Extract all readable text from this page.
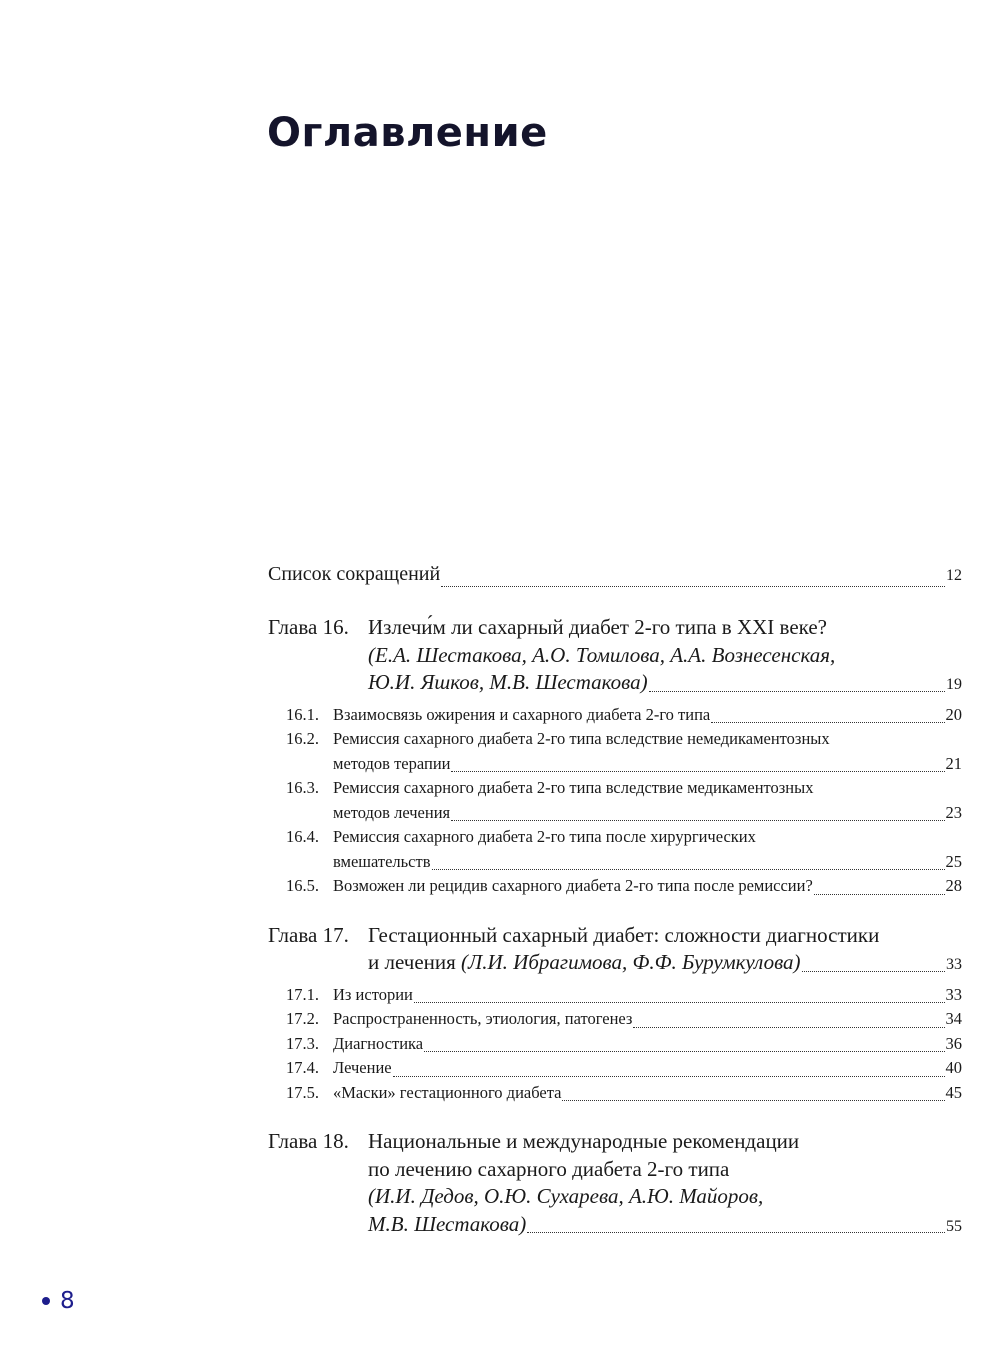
Оглавление
Список сокращений	12
Глава 16. Излечи́м ли сахарный диабет 2-го типа в XXI веке?
(Е.А. Шестакова, А.О. Томилова, А.А. Вознесенская,
Ю.И. Яшков, М.В. Шестакова)	19
16.1. Взаимосвязь ожирения и сахарного диабета 2-го типа	20
16.2. Ремиссия сахарного диабета 2-го типа вследствие немедикаментозных
методов терапии	21
16.3. Ремиссия сахарного диабета 2-го типа вследствие медикаментозных
методов лечения	23
16.4. Ремиссия сахарного диабета 2-го типа после хирургических
вмешательств	25
16.5. Возможен ли рецидив сахарного диабета 2-го типа после ремиссии?	28
Глава 17. Гестационный сахарный диабет: сложности диагностики
и лечения (Л.И. Ибрагимова, Ф.Ф. Бурумкулова)	33
17.1. Из истории	33
17.2. Распространенность, этиология, патогенез	34
17.3. Диагностика	36
17.4. Лечение	40
17.5. «Маски» гестационного диабета	45
Глава 18. Национальные и международные рекомендации
по лечению сахарного диабета 2-го типа
(И.И. Дедов, О.Ю. Сухарева, А.Ю. Майоров,
М.В. Шестакова)	55
8
